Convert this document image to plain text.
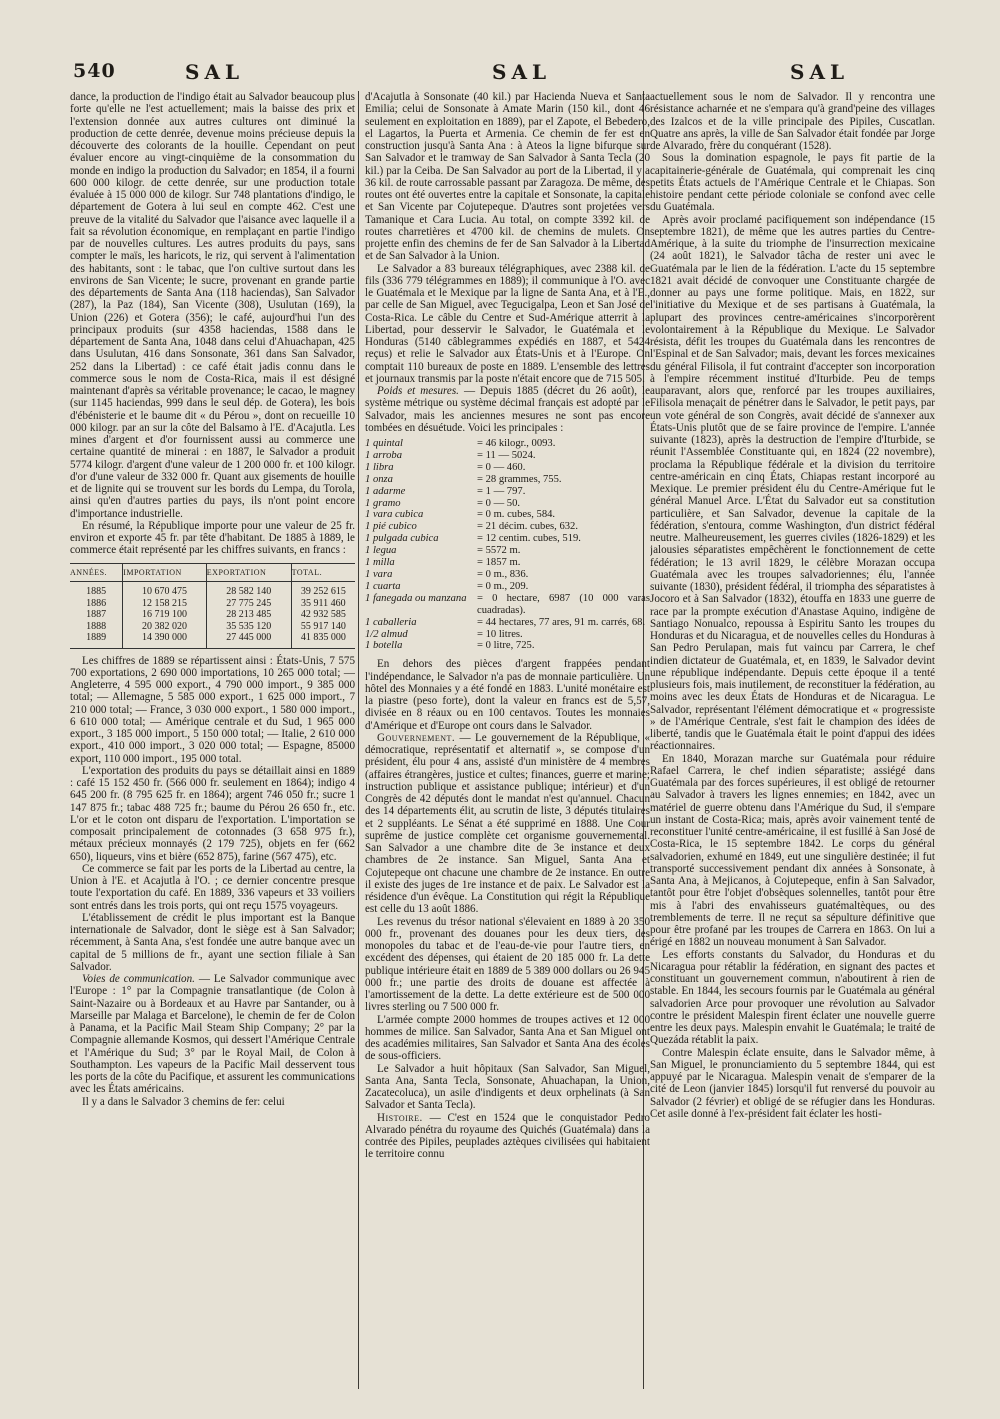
540	SAL	SAL	SAL

dance, la production de l'indigo était au Salvador beaucoup plus forte qu'elle ne l'est actuellement; mais la baisse des prix et l'extension donnée aux autres cultures ont diminué la production de cette denrée, devenue moins précieuse depuis la découverte des colorants de la houille. Cependant on peut évaluer encore au vingt-cinquième de la consommation du monde en indigo la production du Salvador; en 1854, il a fourni 600 000 kilogr. de cette denrée, sur une production totale évaluée à 15 000 000 de kilogr. Sur 748 plantations d'indigo, le département de Gotera à lui seul en compte 462. C'est une preuve de la vitalité du Salvador que l'aisance avec laquelle il a fait sa révolution économique, en remplaçant en partie l'indigo par de nouvelles cultures. Les autres produits du pays, sans compter le maïs, les haricots, le riz, qui servent à l'alimentation des habitants, sont : le tabac, que l'on cultive surtout dans les environs de San Vicente; le sucre, provenant en grande partie des départements de Santa Ana (118 haciendas), San Salvador (287), la Paz (184), San Vicente (308), Usulutan (169), la Union (226) et Gotera (356); le café, aujourd'hui l'un des principaux produits (sur 4358 haciendas, 1588 dans le département de Santa Ana, 1048 dans celui d'Ahuachapan, 425 dans Usulutan, 416 dans Sonsonate, 361 dans San Salvador, 252 dans la Libertad) : ce café était jadis connu dans le commerce sous le nom de Costa-Rica, mais il est désigné maintenant d'après sa véritable provenance; le cacao, le magney (sur 1145 haciendas, 999 dans le seul dép. de Gotera), les bois d'ébénisterie et le baume dit « du Pérou », dont on recueille 10 000 kilogr. par an sur la côte del Balsamo à l'E. d'Acajutla. Les mines d'argent et d'or fournissent aussi au commerce une certaine quantité de minerai : en 1887, le Salvador a produit 5774 kilogr. d'argent d'une valeur de 1 200 000 fr. et 100 kilogr. d'or d'une valeur de 332 000 fr. Quant aux gisements de houille et de lignite qui se trouvent sur les bords du Lempa, du Torola, ainsi qu'en d'autres parties du pays, ils n'ont point encore d'importance industrielle.

En résumé, la République importe pour une valeur de 25 fr. environ et exporte 45 fr. par tête d'habitant. De 1885 à 1889, le commerce était représenté par les chiffres suivants, en francs :

ANNÉES.	IMPORTATION	EXPORTATION	TOTAL.
1885	10 670 475	28 582 140	39 252 615
1886	12 158 215	27 775 245	35 911 460
1887	16 719 100	28 213 485	42 932 585
1888	20 382 020	35 535 120	55 917 140
1889	14 390 000	27 445 000	41 835 000

Les chiffres de 1889 se répartissent ainsi : États-Unis, 7 575 700 exportations, 2 690 000 importations, 10 265 000 total; — Angleterre, 4 595 000 export., 4 790 000 import., 9 385 000 total; — Allemagne, 5 585 000 export., 1 625 000 import., 7 210 000 total; — France, 3 030 000 export., 1 580 000 import., 6 610 000 total; — Amérique centrale et du Sud, 1 965 000 export., 3 185 000 import., 5 150 000 total; — Italie, 2 610 000 export., 410 000 import., 3 020 000 total; — Espagne, 85000 export, 110 000 import., 195 000 total.

L'exportation des produits du pays se détaillait ainsi en 1889 : café 15 152 450 fr. (566 000 fr. seulement en 1864); indigo 4 645 200 fr. (8 795 625 fr. en 1864); argent 746 050 fr.; sucre 1 147 875 fr.; tabac 488 725 fr.; baume du Pérou 26 650 fr., etc. L'or et le coton ont disparu de l'exportation. L'importation se composait principalement de cotonnades (3 658 975 fr.), métaux précieux monnayés (2 179 725), objets en fer (662 650), liqueurs, vins et bière (652 875), farine (567 475), etc.

Ce commerce se fait par les ports de la Libertad au centre, la Union à l'E. et Acajutla à l'O. ; ce dernier concentre presque toute l'exportation du café. En 1889, 336 vapeurs et 33 voiliers sont entrés dans les trois ports, qui ont reçu 1575 voyageurs.

L'établissement de crédit le plus important est la Banque internationale de Salvador, dont le siège est à San Salvador; récemment, à Santa Ana, s'est fondée une autre banque avec un capital de 5 millions de fr., ayant une section filiale à San Salvador.

Voies de communication. — Le Salvador communique avec l'Europe : 1° par la Compagnie transatlantique (de Colon à Saint-Nazaire ou à Bordeaux et au Havre par Santander, ou à Marseille par Malaga et Barcelone), le chemin de fer de Colon à Panama, et la Pacific Mail Steam Ship Company; 2° par la Compagnie allemande Kosmos, qui dessert l'Amérique Centrale et l'Amérique du Sud; 3° par le Royal Mail, de Colon à Southampton. Les vapeurs de la Pacific Mail desservent tous les ports de la côte du Pacifique, et assurent les communications avec les États américains.

Il y a dans le Salvador 3 chemins de fer: celui

d'Acajutla à Sonsonate (40 kil.) par Hacienda Nueva et Santa Emilia; celui de Sonsonate à Amate Marin (150 kil., dont 46 seulement en exploitation en 1889), par el Zapote, el Bebedero, el Lagartos, la Puerta et Armenia. Ce chemin de fer est en construction jusqu'à Santa Ana : à Ateos la ligne bifurque sur San Salvador et le tramway de San Salvador à Santa Tecla (20 kil.) par la Ceiba. De San Salvador au port de la Libertad, il y a 36 kil. de route carrossable passant par Zaragoza. De même, des routes ont été ouvertes entre la capitale et Sonsonate, la capitale et San Vicente par Cojutepeque. D'autres sont projetées vers Tamanique et Cara Lucia. Au total, on compte 3392 kil. de routes charretières et 4700 kil. de chemins de mulets. On projette enfin des chemins de fer de San Salvador à la Libertad et de San Salvador à la Union.

Le Salvador a 83 bureaux télégraphiques, avec 2388 kil. de fils (336 779 télégrammes en 1889); il communique à l'O. avec le Guatémala et le Mexique par la ligne de Santa Ana, et à l'E., par celle de San Miguel, avec Tegucigalpa, Leon et San José de Costa-Rica. Le câble du Centre et Sud-Amérique atterrit à la Libertad, pour desservir le Salvador, le Guatémala et le Honduras (5140 câblegrammes expédiés en 1887, et 5424 reçus) et relie le Salvador aux États-Unis et à l'Europe. On comptait 110 bureaux de poste en 1889. L'ensemble des lettres et journaux transmis par la poste n'était encore que de 715 505.

Poids et mesures. — Depuis 1885 (décret du 26 août), le système métrique ou système décimal français est adopté par le Salvador, mais les anciennes mesures ne sont pas encore tombées en désuétude. Voici les principales :

1 quintal	= 46 kilogr., 0093.
1 arroba	= 11 — 5024.
1 libra	= 0 — 460.
1 onza	= 28 grammes, 755.
1 adarme	= 1 — 797.
1 gramo	= 0 — 50.
1 vara cubica	= 0 m. cubes, 584.
1 pié cubico	= 21 décim. cubes, 632.
1 pulgada cubica	= 12 centim. cubes, 519.
1 legua	= 5572 m.
1 milla	= 1857 m.
1 vara	= 0 m., 836.
1 cuarta	= 0 m., 209.
1 fanegada ou manzana	= 0 hectare, 6987 (10 000 varas cuadradas).
1 caballeria	= 44 hectares, 77 ares, 91 m. carrés, 68.
1/2 almud	= 10 litres.
1 botella	= 0 litre, 725.

En dehors des pièces d'argent frappées pendant l'indépendance, le Salvador n'a pas de monnaie particulière. Un hôtel des Monnaies y a été fondé en 1883. L'unité monétaire est la piastre (peso forte), dont la valeur en francs est de 5,57, divisée en 8 réaux ou en 100 centavos. Toutes les monnaies d'Amérique et d'Europe ont cours dans le Salvador.

Gouvernement. — Le gouvernement de la République, « démocratique, représentatif et alternatif », se compose d'un président, élu pour 4 ans, assisté d'un ministère de 4 membres (affaires étrangères, justice et cultes; finances, guerre et marine; instruction publique et assistance publique; intérieur) et d'un Congrès de 42 députés dont le mandat n'est qu'annuel. Chacun des 14 départements élit, au scrutin de liste, 3 députés titulaires et 2 suppléants. Le Sénat a été supprimé en 1888. Une Cour suprême de justice complète cet organisme gouvernemental. San Salvador a une chambre dite de 3e instance et deux chambres de 2e instance. San Miguel, Santa Ana et Cojutepeque ont chacune une chambre de 2e instance. En outre il existe des juges de 1re instance et de paix. Le Salvador est la résidence d'un évêque. La Constitution qui régit la République est celle du 13 août 1886.

Les revenus du trésor national s'élevaient en 1889 à 20 350 000 fr., provenant des douanes pour les deux tiers, des monopoles du tabac et de l'eau-de-vie pour l'autre tiers, en excédent des dépenses, qui étaient de 20 185 000 fr. La dette publique intérieure était en 1889 de 5 389 000 dollars ou 26 945 000 fr.; une partie des droits de douane est affectée à l'amortissement de la dette. La dette extérieure est de 500 000 livres sterling ou 7 500 000 fr.

L'armée compte 2000 hommes de troupes actives et 12 000 hommes de milice. San Salvador, Santa Ana et San Miguel ont des académies militaires, San Salvador et Santa Ana des écoles de sous-officiers.

Le Salvador a huit hôpitaux (San Salvador, San Miguel, Santa Ana, Santa Tecla, Sonsonate, Ahuachapan, la Union, Zacatecoluca), un asile d'indigents et deux orphelinats (à San Salvador et Santa Tecla).

Histoire. — C'est en 1524 que le conquistador Pedro Alvarado pénétra du royaume des Quichés (Guatémala) dans la contrée des Pipiles, peuplades aztèques civilisées qui habitaient le territoire connu

actuellement sous le nom de Salvador. Il y rencontra une résistance acharnée et ne s'empara qu'à grand'peine des villages des Izalcos et de la ville principale des Pipiles, Cuscatlan. Quatre ans après, la ville de San Salvador était fondée par Jorge de Alvarado, frère du conquérant (1528).

Sous la domination espagnole, le pays fit partie de la capitainerie-générale de Guatémala, qui comprenait les cinq petits États actuels de l'Amérique Centrale et le Chiapas. Son histoire pendant cette période coloniale se confond avec celle du Guatémala.

Après avoir proclamé pacifiquement son indépendance (15 septembre 1821), de même que les autres parties du Centre-Amérique, à la suite du triomphe de l'insurrection mexicaine (24 août 1821), le Salvador tâcha de rester uni avec le Guatémala par le lien de la fédération. L'acte du 15 septembre 1821 avait décidé de convoquer une Constituante chargée de donner au pays une forme politique. Mais, en 1822, sur l'initiative du Mexique et de ses partisans à Guatémala, la plupart des provinces centre-américaines s'incorporèrent volontairement à la République du Mexique. Le Salvador résista, défit les troupes du Guatémala dans les rencontres de l'Espinal et de San Salvador; mais, devant les forces mexicaines du général Filisola, il fut contraint d'accepter son incorporation à l'empire récemment institué d'Iturbide. Peu de temps auparavant, alors que, renforcé par les troupes auxiliaires, Filisola menaçait de pénétrer dans le Salvador, le petit pays, par un vote général de son Congrès, avait décidé de s'annexer aux États-Unis plutôt que de se faire province de l'empire. L'année suivante (1823), après la destruction de l'empire d'Iturbide, se réunit l'Assemblée Constituante qui, en 1824 (22 novembre), proclama la République fédérale et la division du territoire centre-américain en cinq États, Chiapas restant incorporé au Mexique. Le premier président élu du Centre-Amérique fut le général Manuel Arce. L'État du Salvador eut sa constitution particulière, et San Salvador, devenue la capitale de la fédération, s'entoura, comme Washington, d'un district fédéral neutre. Malheureusement, les guerres civiles (1826-1829) et les jalousies séparatistes empêchèrent le fonctionnement de cette fédération; le 13 avril 1829, le célèbre Morazan occupa Guatémala avec les troupes salvadoriennes; élu, l'année suivante (1830), président fédéral, il triompha des séparatistes à Jocoro et à San Salvador (1832), étouffa en 1833 une guerre de race par la prompte exécution d'Anastase Aquino, indigène de Santiago Nonualco, repoussa à Espiritu Santo les troupes du Honduras et du Nicaragua, et de nouvelles celles du Honduras à San Pedro Perulapan, mais fut vaincu par Carrera, le chef indien dictateur de Guatémala, et, en 1839, le Salvador devint une république indépendante. Depuis cette époque il a tenté plusieurs fois, mais inutilement, de reconstituer la fédération, au moins avec les deux États de Honduras et de Nicaragua. Le Salvador, représentant l'élément démocratique et « progressiste » de l'Amérique Centrale, s'est fait le champion des idées de liberté, tandis que le Guatémala était le point d'appui des idées réactionnaires.

En 1840, Morazan marche sur Guatémala pour réduire Rafael Carrera, le chef indien séparatiste; assiégé dans Guatémala par des forces supérieures, il est obligé de retourner au Salvador à travers les lignes ennemies; en 1842, avec un matériel de guerre obtenu dans l'Amérique du Sud, il s'empare un instant de Costa-Rica; mais, après avoir vainement tenté de reconstituer l'unité centre-américaine, il est fusillé à San José de Costa-Rica, le 15 septembre 1842. Le corps du général salvadorien, exhumé en 1849, eut une singulière destinée; il fut transporté successivement pendant dix années à Sonsonate, à Santa Ana, à Mejicanos, à Cojutepeque, enfin à San Salvador, tantôt pour être l'objet d'obsèques solennelles, tantôt pour être mis à l'abri des envahisseurs guatémaltèques, ou des tremblements de terre. Il ne reçut sa sépulture définitive que pour être profané par les troupes de Carrera en 1863. On lui a érigé en 1882 un nouveau monument à San Salvador.

Les efforts constants du Salvador, du Honduras et du Nicaragua pour rétablir la fédération, en signant des pactes et constituant un gouvernement commun, n'aboutirent à rien de stable. En 1844, les secours fournis par le Guatémala au général salvadorien Arce pour provoquer une révolution au Salvador contre le président Malespin firent éclater une nouvelle guerre entre les deux pays. Malespin envahit le Guatémala; le traité de Quezáda rétablit la paix.

Contre Malespin éclate ensuite, dans le Salvador même, à San Miguel, le pronunciamiento du 5 septembre 1844, qui est appuyé par le Nicaragua. Malespin venait de s'emparer de la cité de Leon (janvier 1845) lorsqu'il fut renversé du pouvoir au Salvador (2 février) et obligé de se réfugier dans les Honduras. Cet asile donné à l'ex-président fait éclater les hosti-
